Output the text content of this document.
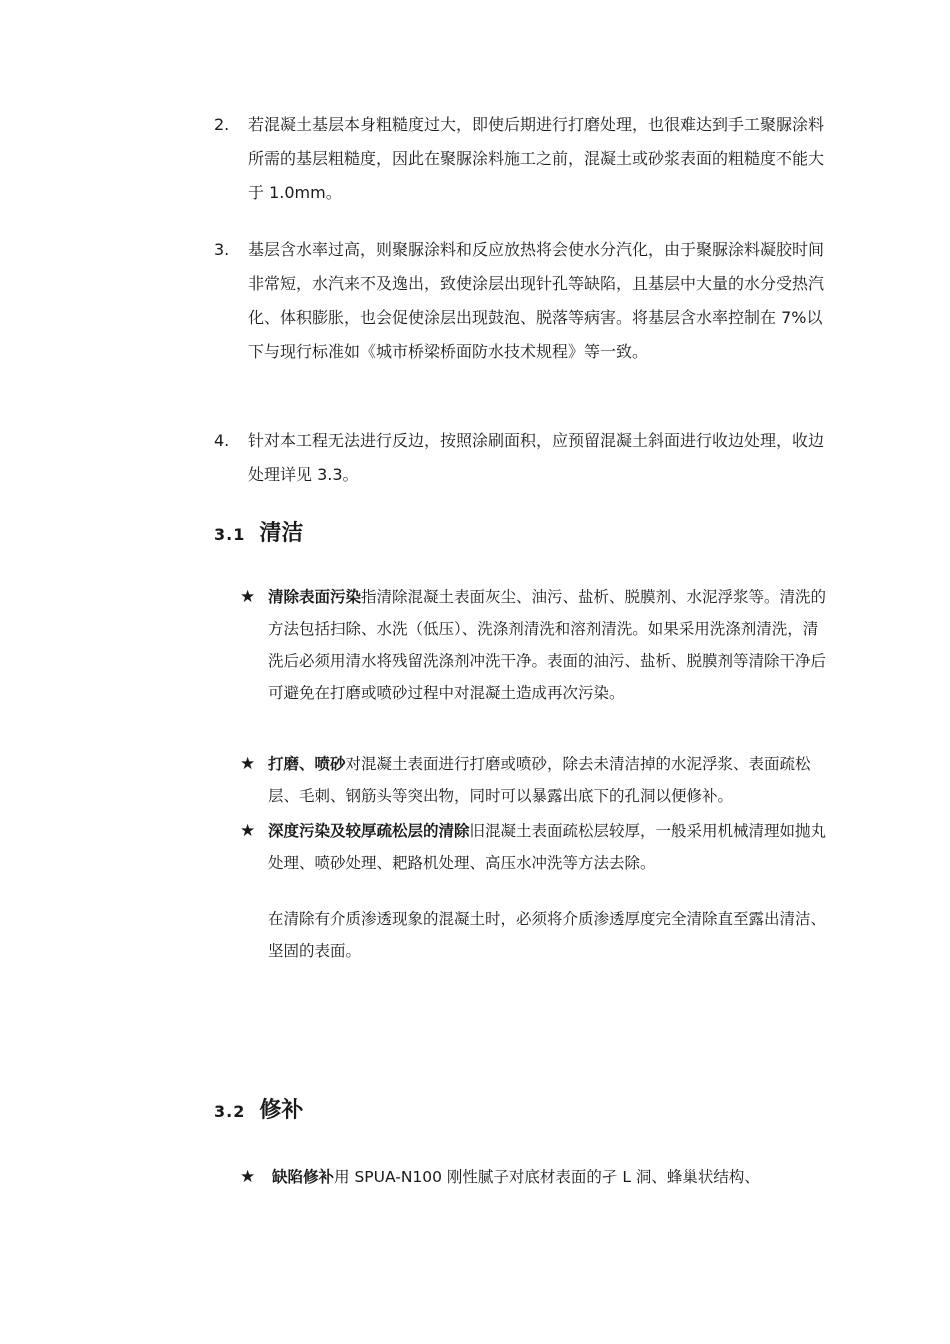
2. 若混凝土基层本身粗糙度过大，即使后期进行打磨处理，也很难达到手工聚脲涂料所需的基层粗糙度，因此在聚脲涂料施工之前，混凝土或砂浆表面的粗糙度不能大于 1.0mm。
3. 基层含水率过高，则聚脲涂料和反应放热将会使水分汽化，由于聚脲涂料凝胶时间非常短，水汽来不及逸出，致使涂层出现针孔等缺陷，且基层中大量的水分受热汽化、体积膨胀，也会促使涂层出现鼓泡、脱落等病害。将基层含水率控制在 7%以下与现行标准如《城市桥梁桥面防水技术规程》等一致。
4. 针对本工程无法进行反边，按照涂刷面积，应预留混凝土斜面进行收边处理，收边处理详见 3.3。
3.1 清洁
★ 清除表面污染指清除混凝土表面灰尘、油污、盐析、脱膜剂、水泥浮浆等。清洗的方法包括扫除、水洗（低压）、洗涤剂清洗和溶剂清洗。如果采用洗涤剂清洗，清洗后必须用清水将残留洗涤剂冲洗干净。表面的油污、盐析、脱膜剂等清除干净后可避免在打磨或喷砂过程中对混凝土造成再次污染。
★ 打磨、喷砂对混凝土表面进行打磨或喷砂，除去未清洁掉的水泥浮浆、表面疏松层、毛刺、钢筋头等突出物，同时可以暴露出底下的孔洞以便修补。
★ 深度污染及较厚疏松层的清除旧混凝土表面疏松层较厚，一般采用机械清理如抛丸处理、喷砂处理、耙路机处理、高压水冲洗等方法去除。
在清除有介质渗透现象的混凝土时，必须将介质渗透厚度完全清除直至露出清洁、坚固的表面。
3.2 修补
★ 缺陷修补用 SPUA-N100 刚性腻子对底材表面的孑 L 洞、蜂巢状结构、
